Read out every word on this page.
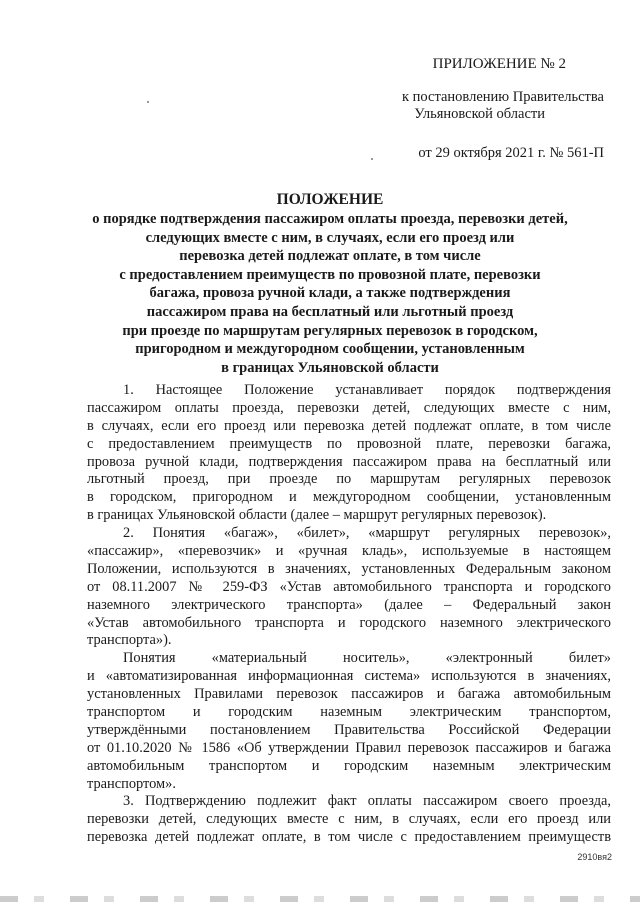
ПРИЛОЖЕНИЕ № 2
к постановлению Правительства
Ульяновской области
от 29 октября 2021 г. № 561-П
ПОЛОЖЕНИЕ
о порядке подтверждения пассажиром оплаты проезда, перевозки детей,
следующих вместе с ним, в случаях, если его проезд или
перевозка детей подлежат оплате, в том числе
с предоставлением преимуществ по провозной плате, перевозки
багажа, провоза ручной клади, а также подтверждения
пассажиром права на бесплатный или льготный проезд
при проезде по маршрутам регулярных перевозок в городском,
пригородном и междугородном сообщении, установленным
в границах Ульяновской области
1. Настоящее Положение устанавливает порядок подтверждения
пассажиром оплаты проезда, перевозки детей, следующих вместе с ним,
в случаях, если его проезд или перевозка детей подлежат оплате, в том числе
с предоставлением преимуществ по провозной плате, перевозки багажа,
провоза ручной клади, подтверждения пассажиром права на бесплатный или
льготный проезд, при проезде по маршрутам регулярных перевозок
в городском, пригородном и междугородном сообщении, установленным
в границах Ульяновской области (далее – маршрут регулярных перевозок).
2. Понятия «багаж», «билет», «маршрут регулярных перевозок»,
«пассажир», «перевозчик» и «ручная кладь», используемые в настоящем
Положении, используются в значениях, установленных Федеральным законом
от 08.11.2007 № 259-ФЗ «Устав автомобильного транспорта и городского
наземного электрического транспорта» (далее – Федеральный закон
«Устав автомобильного транспорта и городского наземного электрического
транспорта»).
Понятия «материальный носитель», «электронный билет»
и «автоматизированная информационная система» используются в значениях,
установленных Правилами перевозок пассажиров и багажа автомобильным
транспортом и городским наземным электрическим транспортом,
утверждёнными постановлением Правительства Российской Федерации
от 01.10.2020 № 1586 «Об утверждении Правил перевозок пассажиров и багажа
автомобильным транспортом и городским наземным электрическим
транспортом».
3. Подтверждению подлежит факт оплаты пассажиром своего проезда,
перевозки детей, следующих вместе с ним, в случаях, если его проезд или
перевозка детей подлежат оплате, в том числе с предоставлением преимуществ
2910вя2
